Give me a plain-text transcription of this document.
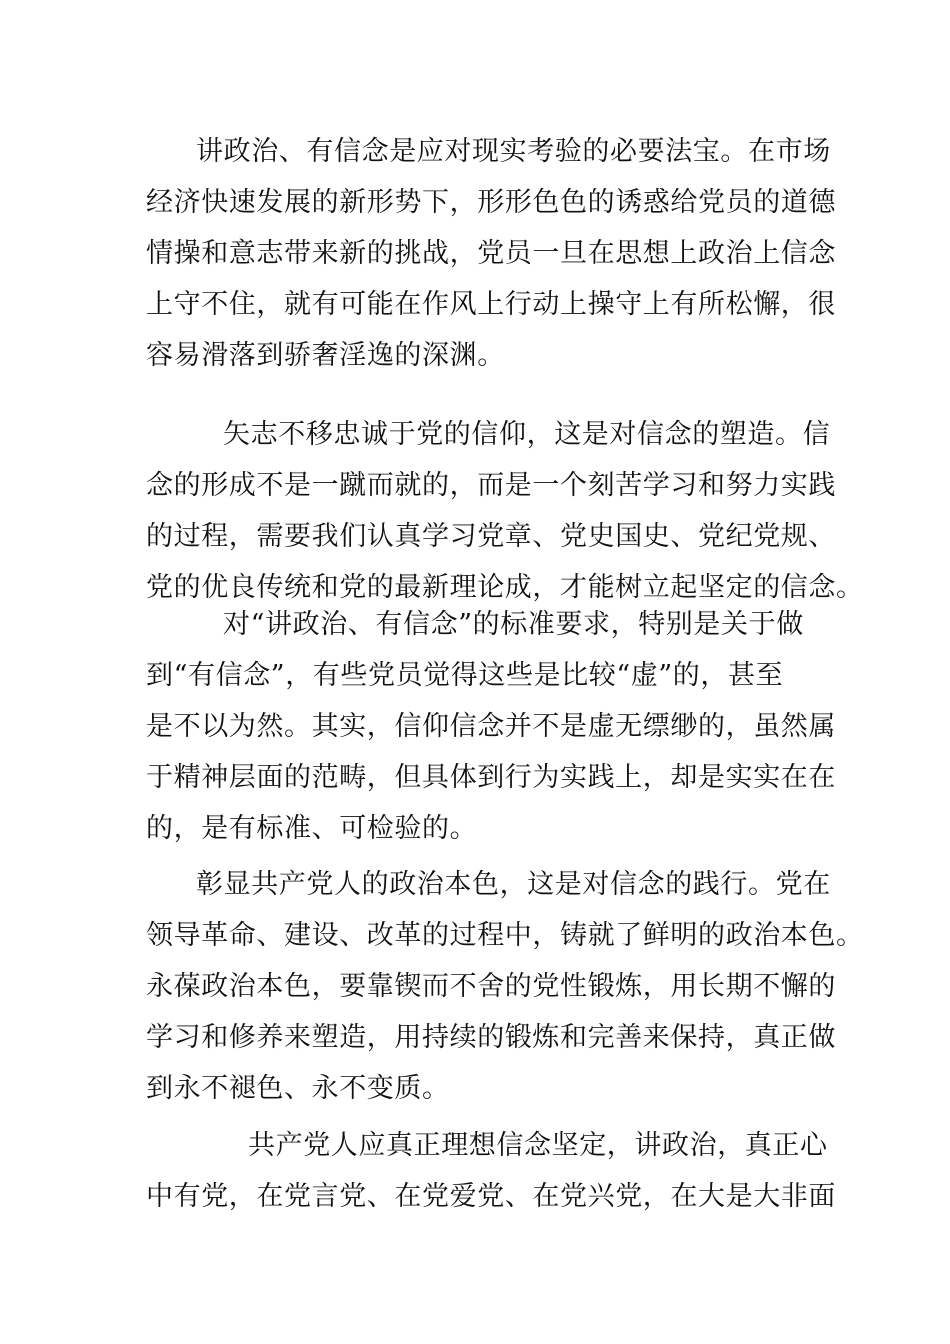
讲政治、有信念是应对现实考验的必要法宝。在市场
经济快速发展的新形势下，形形色色的诱惑给党员的道德
情操和意志带来新的挑战，党员一旦在思想上政治上信念
上守不住，就有可能在作风上行动上操守上有所松懈，很
容易滑落到骄奢淫逸的深渊。

矢志不移忠诚于党的信仰，这是对信念的塑造。信
念的形成不是一蹴而就的，而是一个刻苦学习和努力实践
的过程，需要我们认真学习党章、党史国史、党纪党规、
党的优良传统和党的最新理论成，才能树立起坚定的信念。

对“讲政治、有信念”的标准要求，特别是关于做
到“有信念”，有些党员觉得这些是比较“虚”的，甚至
是不以为然。其实，信仰信念并不是虚无缥缈的，虽然属
于精神层面的范畴，但具体到行为实践上，却是实实在在
的，是有标准、可检验的。

彰显共产党人的政治本色，这是对信念的践行。党在
领导革命、建设、改革的过程中，铸就了鲜明的政治本色。
永葆政治本色，要靠锲而不舍的党性锻炼，用长期不懈的
学习和修养来塑造，用持续的锻炼和完善来保持，真正做
到永不褪色、永不变质。

共产党人应真正理想信念坚定，讲政治，真正心
中有党，在党言党、在党爱党、在党兴党，在大是大非面
